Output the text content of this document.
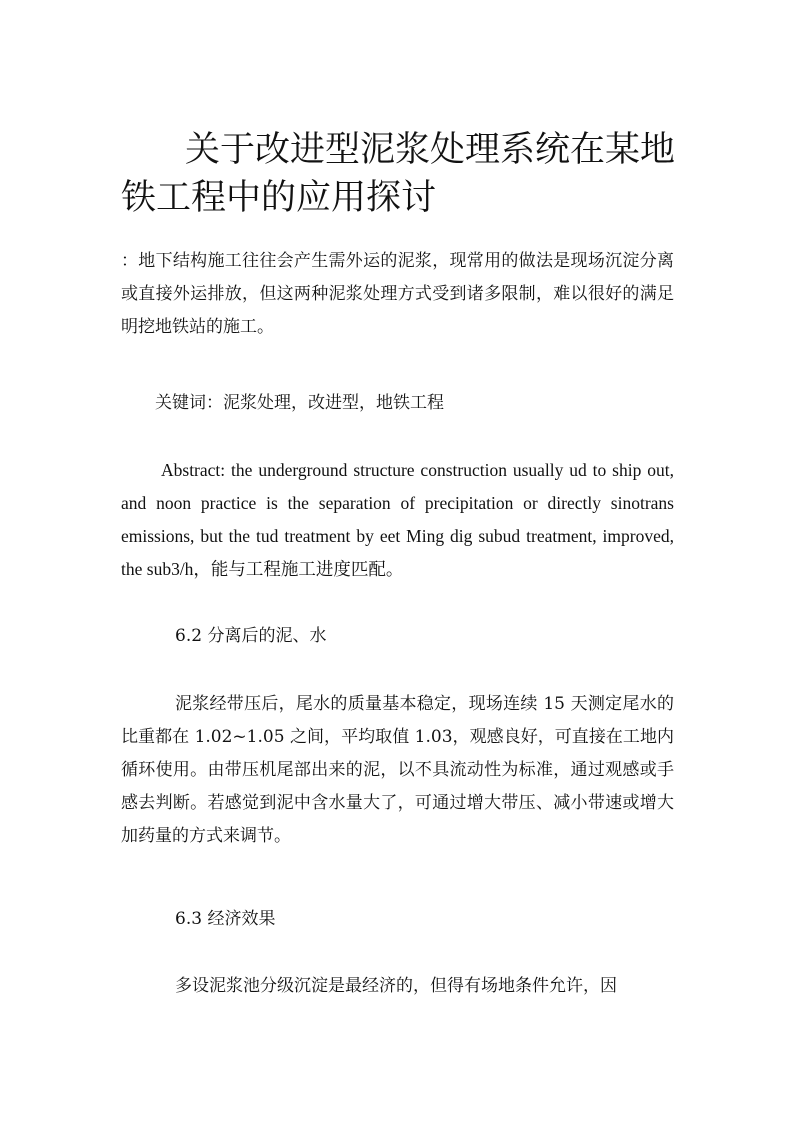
关于改进型泥浆处理系统在某地铁工程中的应用探讨

：地下结构施工往往会产生需外运的泥浆，现常用的做法是现场沉淀分离或直接外运排放，但这两种泥浆处理方式受到诸多限制，难以很好的满足明挖地铁站的施工。

关键词：泥浆处理，改进型，地铁工程

Abstract: the underground structure construction usually ud to ship out, and noon practice is the separation of precipitation or directly sinotrans emissions, but the tud treatment by eet Ming dig subud treatment, improved, the sub3/h，能与工程施工进度匹配。

6.2 分离后的泥、水

泥浆经带压后，尾水的质量基本稳定，现场连续 15 天测定尾水的比重都在 1.02~1.05 之间，平均取值 1.03，观感良好，可直接在工地内循环使用。由带压机尾部出来的泥，以不具流动性为标准，通过观感或手感去判断。若感觉到泥中含水量大了，可通过增大带压、减小带速或增大加药量的方式来调节。

6.3 经济效果

多设泥浆池分级沉淀是最经济的，但得有场地条件允许，因
